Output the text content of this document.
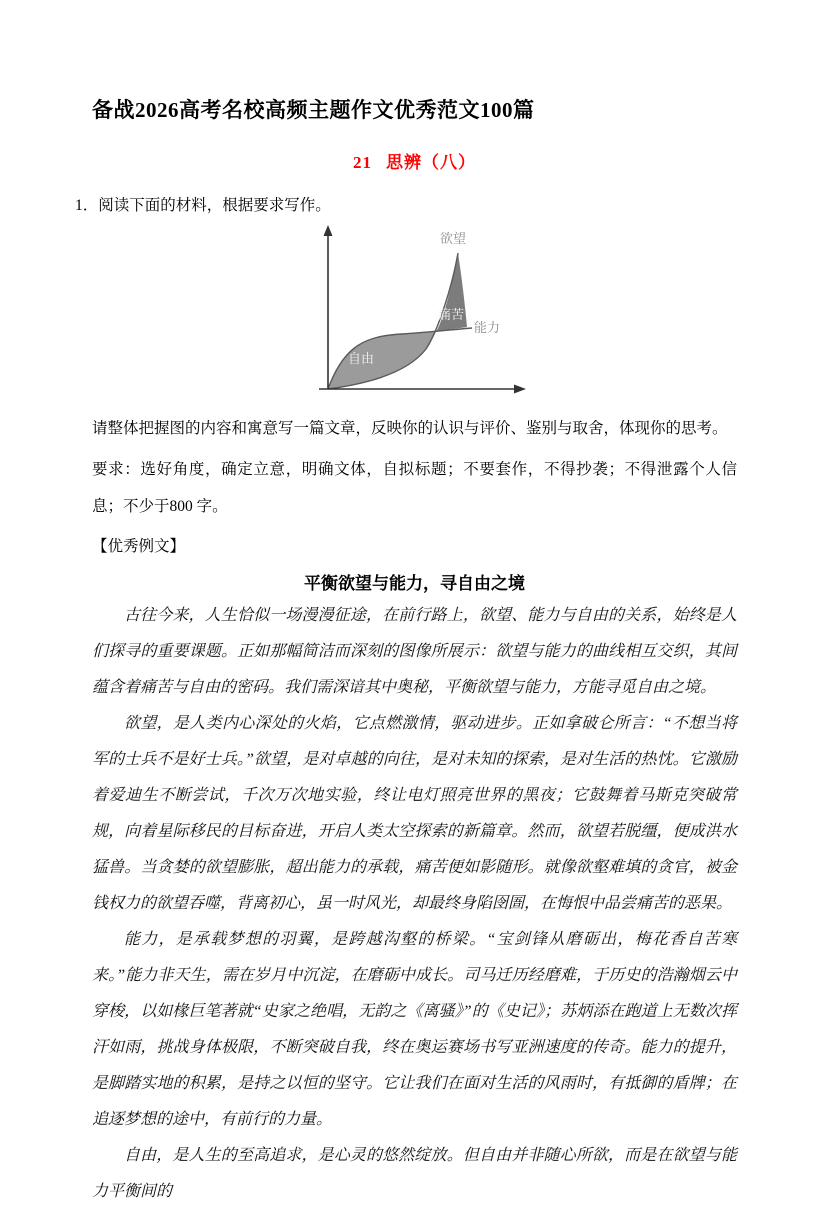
备战2026高考名校高频主题作文优秀范文100篇
21 思辨（八）

1．阅读下面的材料，根据要求写作。

欲望
痛苦
能力
自由

请整体把握图的内容和寓意写一篇文章，反映你的认识与评价、鉴别与取舍，体现你的思考。

要求：选好角度，确定立意，明确文体，自拟标题；不要套作，不得抄袭；不得泄露个人信息；不少于800 字。

【优秀例文】

平衡欲望与能力，寻自由之境

古往今来，人生恰似一场漫漫征途，在前行路上，欲望、能力与自由的关系，始终是人们探寻的重要课题。正如那幅简洁而深刻的图像所展示：欲望与能力的曲线相互交织，其间蕴含着痛苦与自由的密码。我们需深谙其中奥秘，平衡欲望与能力，方能寻觅自由之境。

欲望，是人类内心深处的火焰，它点燃激情，驱动进步。正如拿破仑所言：“不想当将军的士兵不是好士兵。”欲望，是对卓越的向往，是对未知的探索，是对生活的热忱。它激励着爱迪生不断尝试，千次万次地实验，终让电灯照亮世界的黑夜；它鼓舞着马斯克突破常规，向着星际移民的目标奋进，开启人类太空探索的新篇章。然而，欲望若脱缰，便成洪水猛兽。当贪婪的欲望膨胀，超出能力的承载，痛苦便如影随形。就像欲壑难填的贪官，被金钱权力的欲望吞噬，背离初心，虽一时风光，却最终身陷囹圄，在悔恨中品尝痛苦的恶果。

能力，是承载梦想的羽翼，是跨越沟壑的桥梁。“宝剑锋从磨砺出，梅花香自苦寒来。”能力非天生，需在岁月中沉淀，在磨砺中成长。司马迁历经磨难，于历史的浩瀚烟云中穿梭，以如椽巨笔著就“史家之绝唱，无韵之《离骚》”的《史记》；苏炳添在跑道上无数次挥汗如雨，挑战身体极限，不断突破自我，终在奥运赛场书写亚洲速度的传奇。能力的提升，是脚踏实地的积累，是持之以恒的坚守。它让我们在面对生活的风雨时，有抵御的盾牌；在追逐梦想的途中，有前行的力量。

自由，是人生的至高追求，是心灵的悠然绽放。但自由并非随心所欲，而是在欲望与能力平衡间的
